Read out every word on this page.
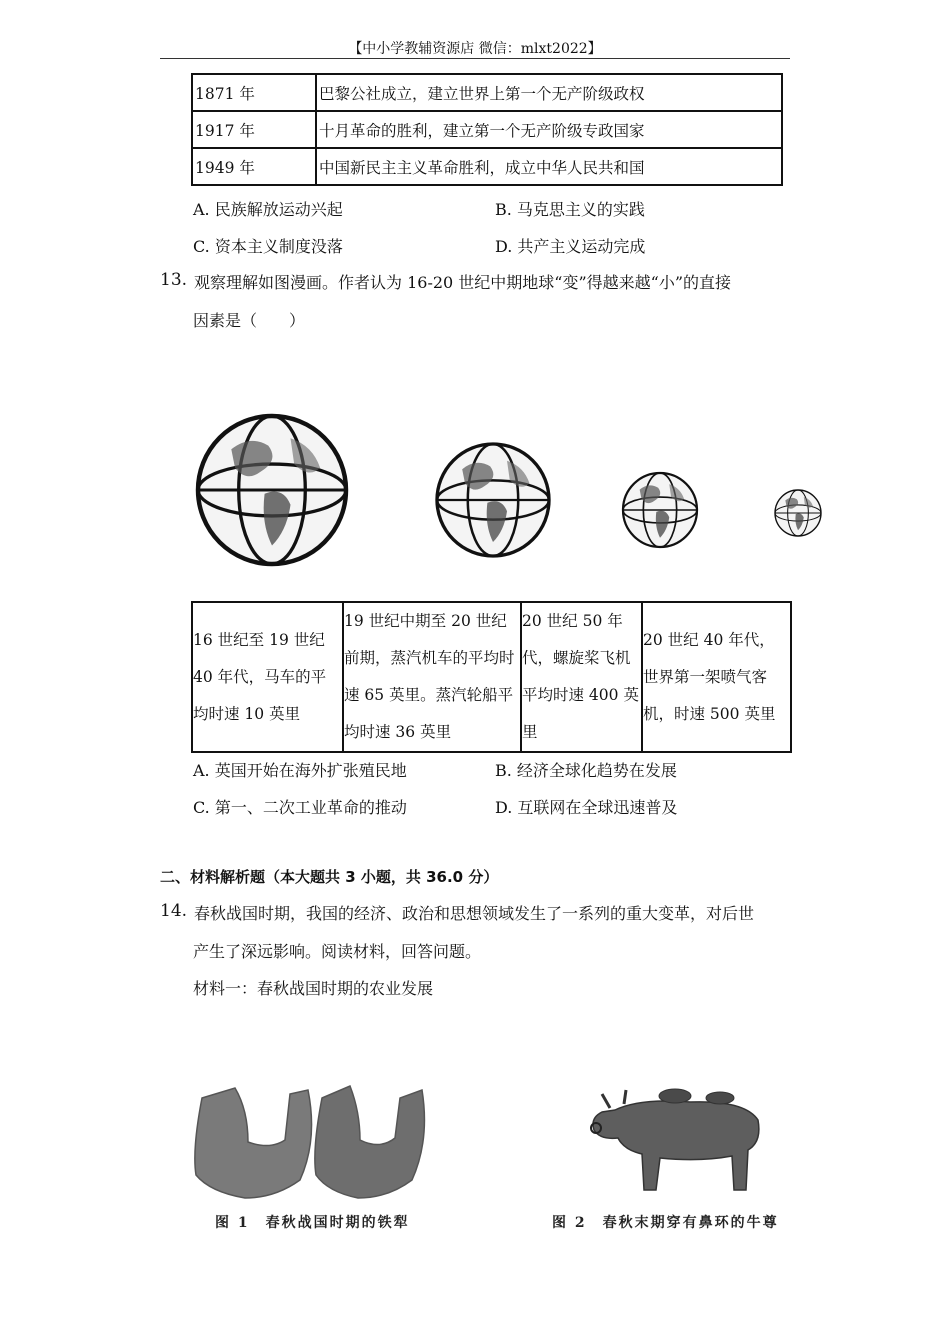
【中小学教辅资源店 微信：mlxt2022】
1871 年	巴黎公社成立，建立世界上第一个无产阶级政权
1917 年	十月革命的胜利，建立第一个无产阶级专政国家
1949 年	中国新民主主义革命胜利，成立中华人民共和国
A. 民族解放运动兴起	B. 马克思主义的实践
C. 资本主义制度没落	D. 共产主义运动完成
13. 观察理解如图漫画。作者认为 16-20 世纪中期地球“变”得越来越“小”的直接
因素是（　　）
16 世纪至 19 世纪 40 年代，马车的平均时速 10 英里	19 世纪中期至 20 世纪前期，蒸汽机车的平均时速 65 英里。蒸汽轮船平均时速 36 英里	20 世纪 50 年代，螺旋桨飞机平均时速 400 英里	20 世纪 40 年代，世界第一架喷气客机，时速 500 英里
A. 英国开始在海外扩张殖民地	B. 经济全球化趋势在发展
C. 第一、二次工业革命的推动	D. 互联网在全球迅速普及
二、材料解析题（本大题共 3 小题，共 36.0 分）
14. 春秋战国时期，我国的经济、政治和思想领域发生了一系列的重大变革，对后世
产生了深远影响。阅读材料，回答问题。
材料一：春秋战国时期的农业发展
图 1　春秋战国时期的铁犁	图 2　春秋末期穿有鼻环的牛尊
